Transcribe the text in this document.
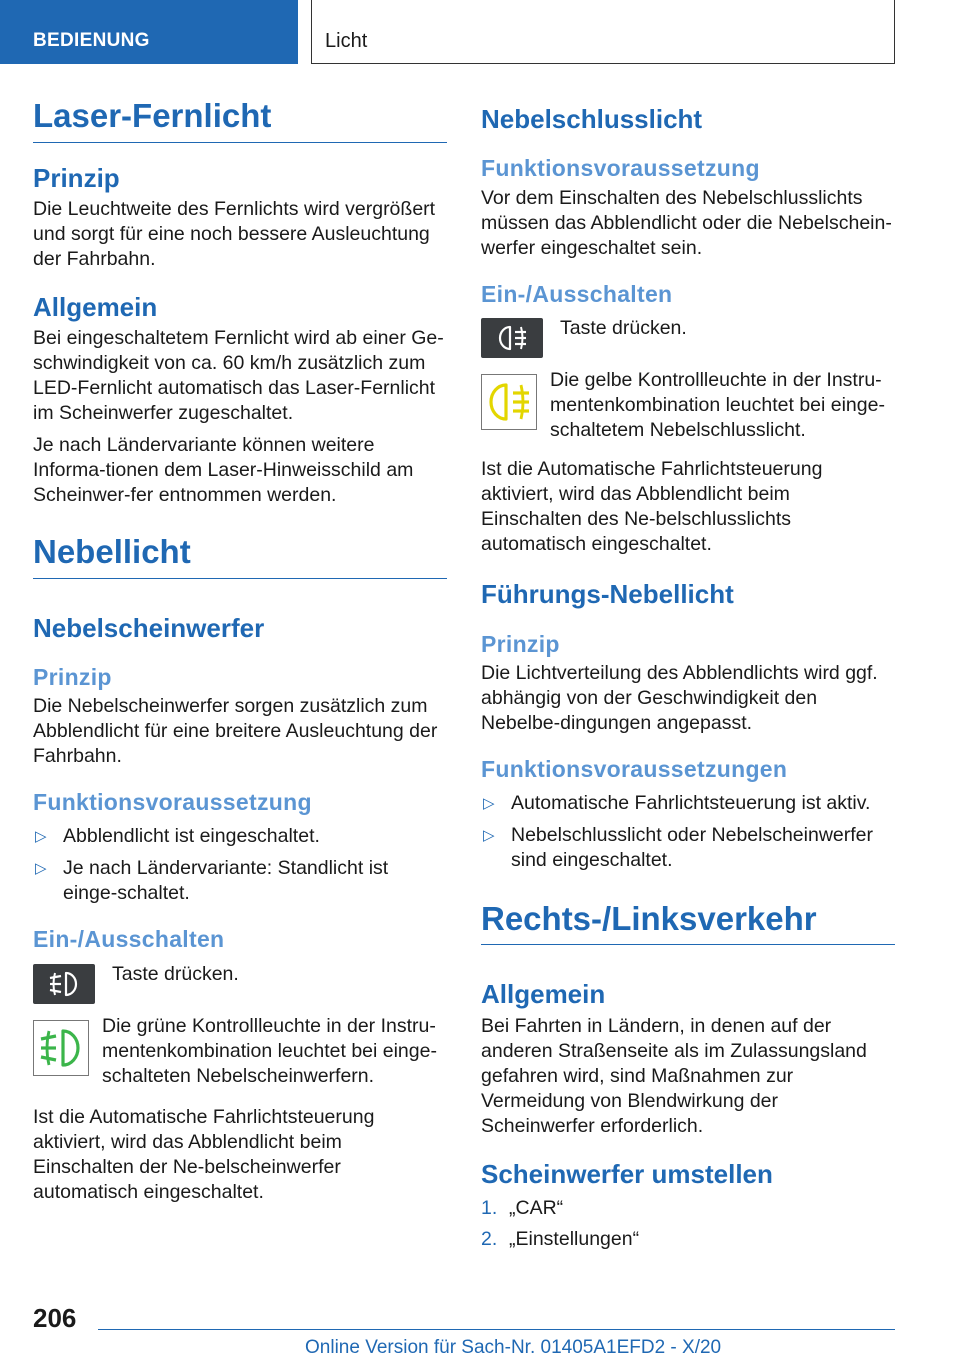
BEDIENUNG	Licht
Laser-Fernlicht
Prinzip

Die Leuchtweite des Fernlichts wird vergrößert und sorgt für eine noch bessere Ausleuchtung der Fahrbahn.

Allgemein

Bei eingeschaltetem Fernlicht wird ab einer Ge-schwindigkeit von ca. 60 km/h zusätzlich zum LED-Fernlicht automatisch das Laser-Fernlicht im Scheinwerfer zugeschaltet.

Je nach Ländervariante können weitere Informa-tionen dem Laser-Hinweisschild am Scheinwer-fer entnommen werden.

Nebellicht
Nebelscheinwerfer
Prinzip

Die Nebelscheinwerfer sorgen zusätzlich zum Abblendlicht für eine breitere Ausleuchtung der Fahrbahn.

Funktionsvoraussetzung
▷ Abblendlicht ist eingeschaltet.
▷ Je nach Ländervariante: Standlicht ist einge-schaltet.
Ein-/Ausschalten

Taste drücken.

Die grüne Kontrollleuchte in der Instru-mentenkombination leuchtet bei einge-schalteten Nebelscheinwerfern.

Ist die Automatische Fahrlichtsteuerung aktiviert, wird das Abblendlicht beim Einschalten der Ne-belscheinwerfer automatisch eingeschaltet.

Nebelschlusslicht
Funktionsvoraussetzung

Vor dem Einschalten des Nebelschlusslichts müssen das Abblendlicht oder die Nebelschein-werfer eingeschaltet sein.

Ein-/Ausschalten

Taste drücken.

Die gelbe Kontrollleuchte in der Instru-mentenkombination leuchtet bei einge-schaltetem Nebelschlusslicht.

Ist die Automatische Fahrlichtsteuerung aktiviert, wird das Abblendlicht beim Einschalten des Ne-belschlusslichts automatisch eingeschaltet.

Führungs-Nebellicht
Prinzip

Die Lichtverteilung des Abblendlichts wird ggf. abhängig von der Geschwindigkeit den Nebelbe-dingungen angepasst.

Funktionsvoraussetzungen
▷ Automatische Fahrlichtsteuerung ist aktiv.
▷ Nebelschlusslicht oder Nebelscheinwerfer sind eingeschaltet.
Rechts-/Linksverkehr
Allgemein

Bei Fahrten in Ländern, in denen auf der anderen Straßenseite als im Zulassungsland gefahren wird, sind Maßnahmen zur Vermeidung von Blendwirkung der Scheinwerfer erforderlich.

Scheinwerfer umstellen
1. „CAR“
2. „Einstellungen“
206
Online Version für Sach-Nr. 01405A1EFD2 - X/20
